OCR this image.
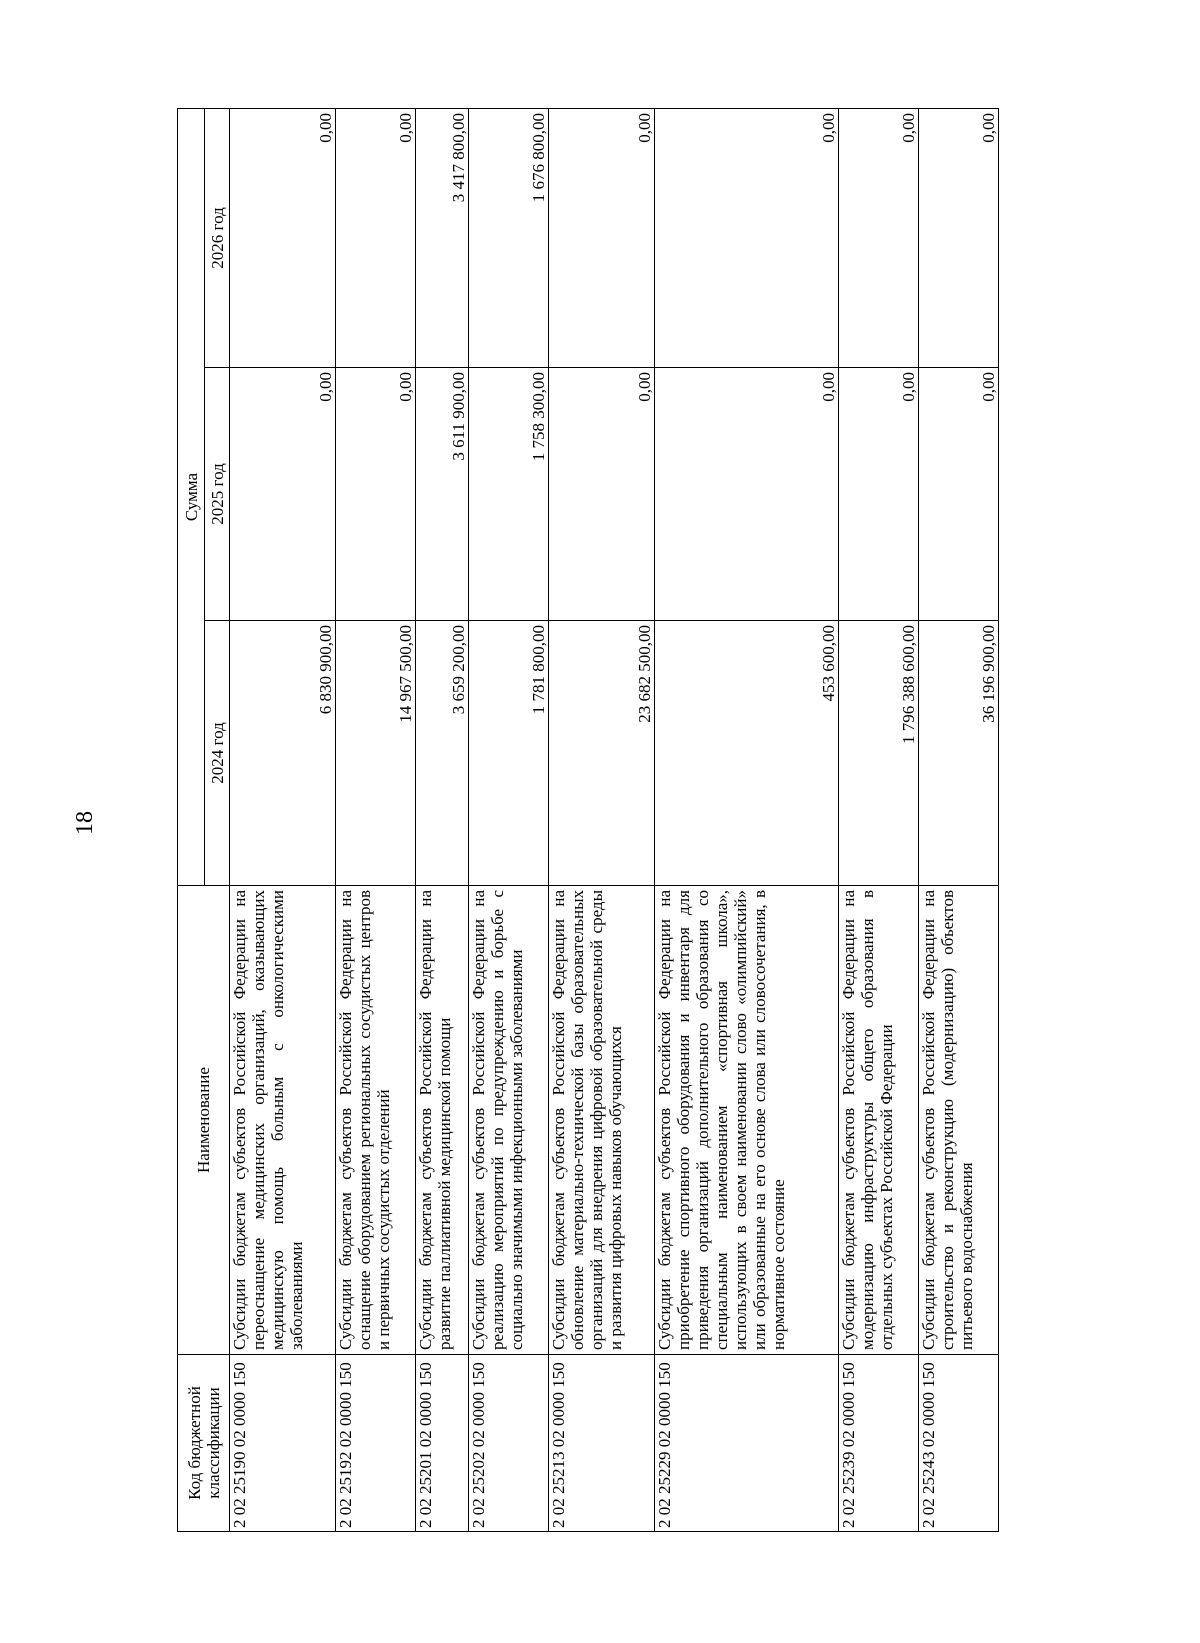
18
Код бюджетной классификации	Наименование	Сумма		
		2024 год	2025 год	2026 год
2 02 25190 02 0000 150	Субсидии бюджетам субъектов Российской Федерации на переоснащение медицинских организаций, оказывающих медицинскую помощь больным с онкологическими заболеваниями	6 830 900,00	0,00	0,00
2 02 25192 02 0000 150	Субсидии бюджетам субъектов Российской Федерации на оснащение оборудованием региональных сосудистых центров и первичных сосудистых отделений	14 967 500,00	0,00	0,00
2 02 25201 02 0000 150	Субсидии бюджетам субъектов Российской Федерации на развитие паллиативной медицинской помощи	3 659 200,00	3 611 900,00	3 417 800,00
2 02 25202 02 0000 150	Субсидии бюджетам субъектов Российской Федерации на реализацию мероприятий по предупреждению и борьбе с социально значимыми инфекционными заболеваниями	1 781 800,00	1 758 300,00	1 676 800,00
2 02 25213 02 0000 150	Субсидии бюджетам субъектов Российской Федерации на обновление материально-технической базы образовательных организаций для внедрения цифровой образовательной среды и развития цифровых навыков обучающихся	23 682 500,00	0,00	0,00
2 02 25229 02 0000 150	Субсидии бюджетам субъектов Российской Федерации на приобретение спортивного оборудования и инвентаря для приведения организаций дополнительного образования со специальным наименованием «спортивная школа», использующих в своем наименовании слово «олимпийский» или образованные на его основе слова или словосочетания, в нормативное состояние	453 600,00	0,00	0,00
2 02 25239 02 0000 150	Субсидии бюджетам субъектов Российской Федерации на модернизацию инфраструктуры общего образования в отдельных субъектах Российской Федерации	1 796 388 600,00	0,00	0,00
2 02 25243 02 0000 150	Субсидии бюджетам субъектов Российской Федерации на строительство и реконструкцию (модернизацию) объектов питьевого водоснабжения	36 196 900,00	0,00	0,00
